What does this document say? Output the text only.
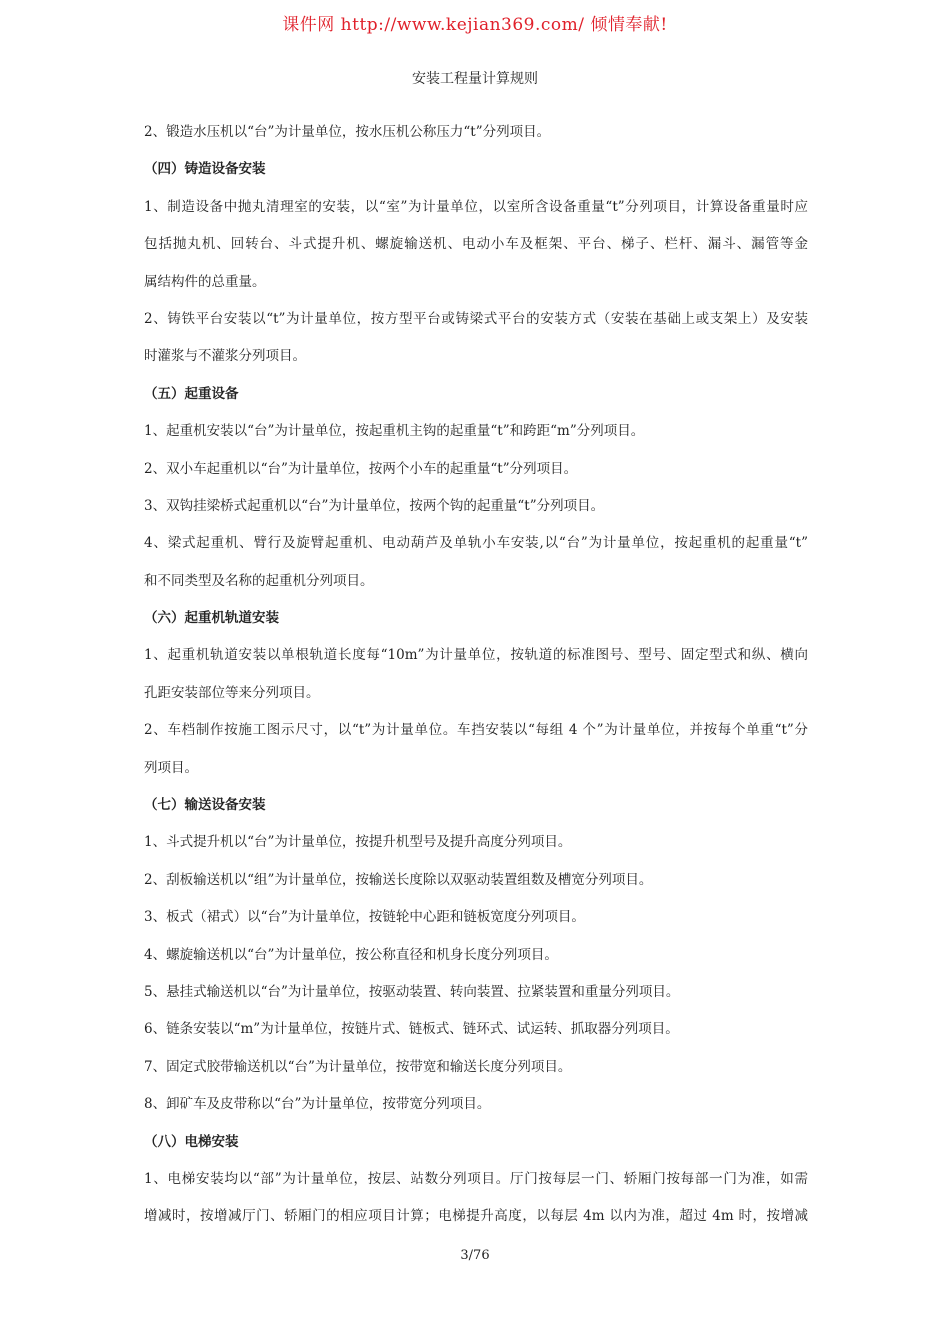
课件网 http://www.kejian369.com/ 倾情奉献!
安装工程量计算规则
2、锻造水压机以“台”为计量单位，按水压机公称压力“t”分列项目。
（四）铸造设备安装
1、制造设备中抛丸清理室的安装，以“室”为计量单位，以室所含设备重量“t”分列项目，计算设备重量时应
包括抛丸机、回转台、斗式提升机、螺旋输送机、电动小车及框架、平台、梯子、栏杆、漏斗、漏管等金
属结构件的总重量。
2、铸铁平台安装以“t”为计量单位，按方型平台或铸梁式平台的安装方式（安装在基础上或支架上）及安装
时灌浆与不灌浆分列项目。
（五）起重设备
1、起重机安装以“台”为计量单位，按起重机主钩的起重量“t”和跨距“m”分列项目。
2、双小车起重机以“台”为计量单位，按两个小车的起重量“t”分列项目。
3、双钩挂梁桥式起重机以“台”为计量单位，按两个钩的起重量“t”分列项目。
4、梁式起重机、臂行及旋臂起重机、电动葫芦及单轨小车安装,以“台”为计量单位，按起重机的起重量“t”
和不同类型及名称的起重机分列项目。
（六）起重机轨道安装
1、起重机轨道安装以单根轨道长度每“10m”为计量单位，按轨道的标准图号、型号、固定型式和纵、横向
孔距安装部位等来分列项目。
2、车档制作按施工图示尺寸，以“t”为计量单位。车挡安装以“每组 4 个”为计量单位，并按每个单重“t”分
列项目。
（七）输送设备安装
1、斗式提升机以“台”为计量单位，按提升机型号及提升高度分列项目。
2、刮板输送机以“组”为计量单位，按输送长度除以双驱动装置组数及槽宽分列项目。
3、板式（裙式）以“台”为计量单位，按链轮中心距和链板宽度分列项目。
4、螺旋输送机以“台”为计量单位，按公称直径和机身长度分列项目。
5、悬挂式输送机以“台”为计量单位，按驱动装置、转向装置、拉紧装置和重量分列项目。
6、链条安装以“m”为计量单位，按链片式、链板式、链环式、试运转、抓取器分列项目。
7、固定式胶带输送机以“台”为计量单位，按带宽和输送长度分列项目。
8、卸矿车及皮带称以“台”为计量单位，按带宽分列项目。
（八）电梯安装
1、电梯安装均以“部”为计量单位，按层、站数分列项目。厅门按每层一门、轿厢门按每部一门为准，如需
增减时，按增减厅门、轿厢门的相应项目计算；电梯提升高度，以每层 4m 以内为准，超过 4m 时，按增减
3/76
